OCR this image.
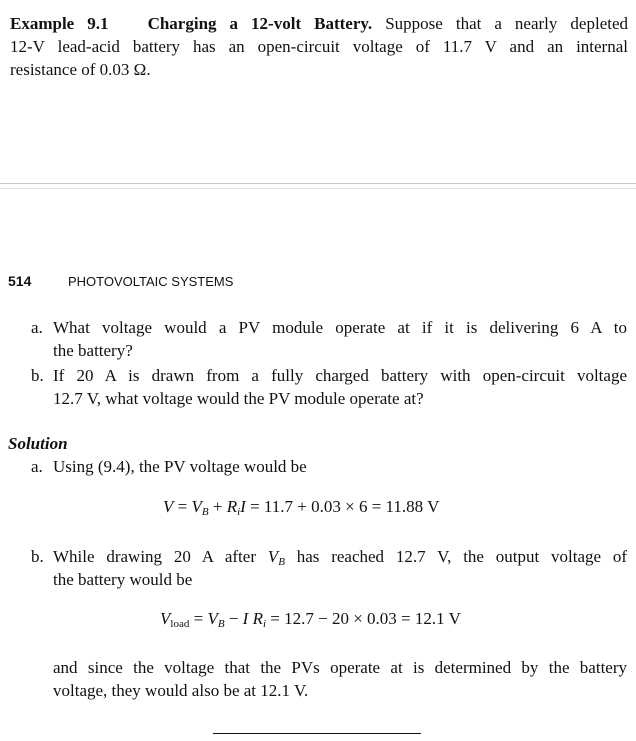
Example 9.1 Charging a 12-volt Battery. Suppose that a nearly depleted
12-V lead-acid battery has an open-circuit voltage of 11.7 V and an internal
resistance of 0.03 Ω.
514	PHOTOVOLTAIC SYSTEMS
a. What voltage would a PV module operate at if it is delivering 6 A to
the battery?
b. If 20 A is drawn from a fully charged battery with open-circuit voltage
12.7 V, what voltage would the PV module operate at?
Solution
a. Using (9.4), the PV voltage would be
$V = V_B + R_iI = 11.7 + 0.03 \times 6 = 11.88$ V
b. While drawing 20 A after $V_B$ has reached 12.7 V, the output voltage of
the battery would be
$V_{load} = V_B - I$ $R_i = 12.7 - 20 \times 0.03 = 12.1$ V
and since the voltage that the PVs operate at is determined by the battery
voltage, they would also be at 12.1 V.
